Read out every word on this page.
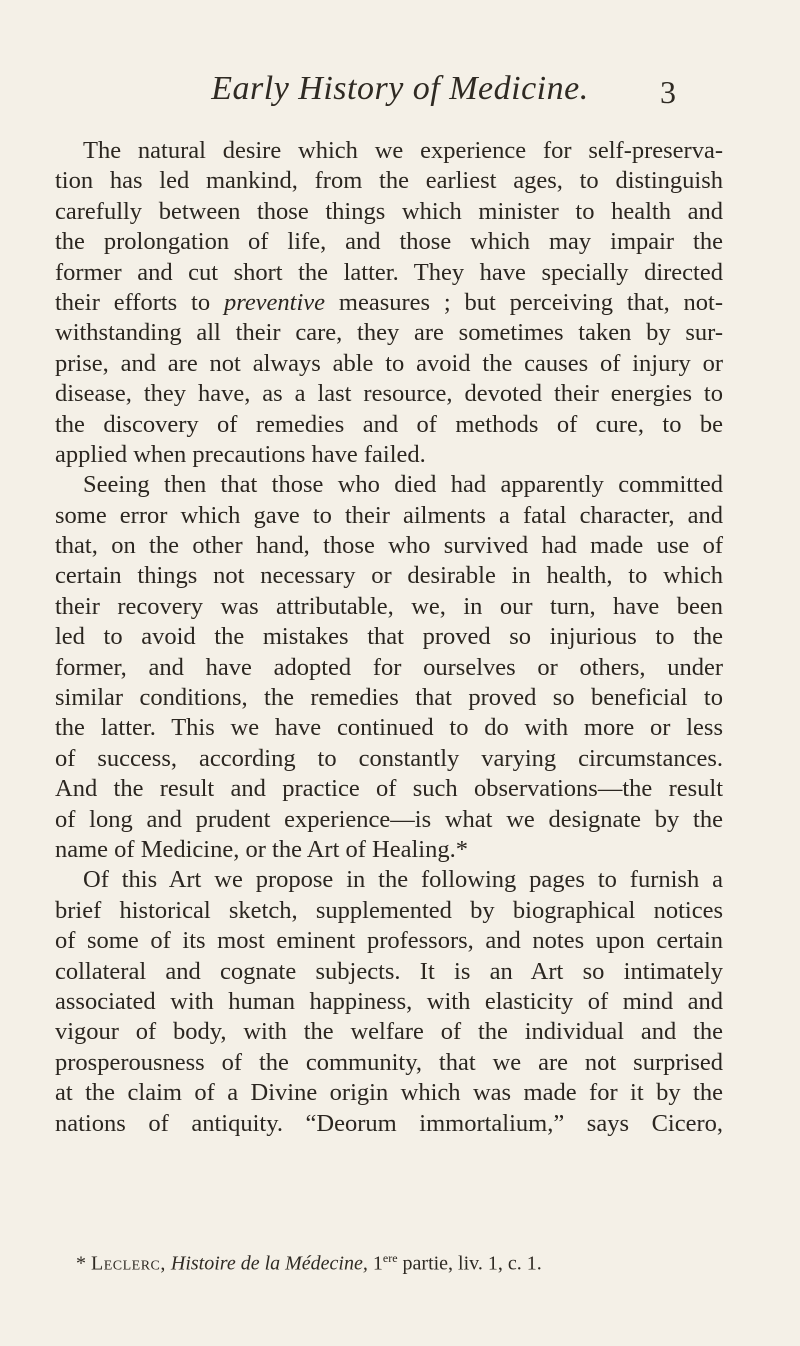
Early History of Medicine.	3
The natural desire which we experience for self-preserva-
tion has led mankind, from the earliest ages, to distinguish
carefully between those things which minister to health and
the prolongation of life, and those which may impair the
former and cut short the latter. They have specially directed
their efforts to preventive measures ; but perceiving that, not-
withstanding all their care, they are sometimes taken by sur-
prise, and are not always able to avoid the causes of injury or
disease, they have, as a last resource, devoted their energies to
the discovery of remedies and of methods of cure, to be
applied when precautions have failed.
Seeing then that those who died had apparently committed
some error which gave to their ailments a fatal character, and
that, on the other hand, those who survived had made use of
certain things not necessary or desirable in health, to which
their recovery was attributable, we, in our turn, have been
led to avoid the mistakes that proved so injurious to the
former, and have adopted for ourselves or others, under
similar conditions, the remedies that proved so beneficial to
the latter. This we have continued to do with more or less
of success, according to constantly varying circumstances.
And the result and practice of such observations—the result
of long and prudent experience—is what we designate by the
name of Medicine, or the Art of Healing.*
Of this Art we propose in the following pages to furnish a
brief historical sketch, supplemented by biographical notices
of some of its most eminent professors, and notes upon certain
collateral and cognate subjects. It is an Art so intimately
associated with human happiness, with elasticity of mind and
vigour of body, with the welfare of the individual and the
prosperousness of the community, that we are not surprised
at the claim of a Divine origin which was made for it by the
nations of antiquity. “Deorum immortalium,” says Cicero,
* Leclerc, Histoire de la Médecine, 1ere partie, liv. 1, c. 1.
